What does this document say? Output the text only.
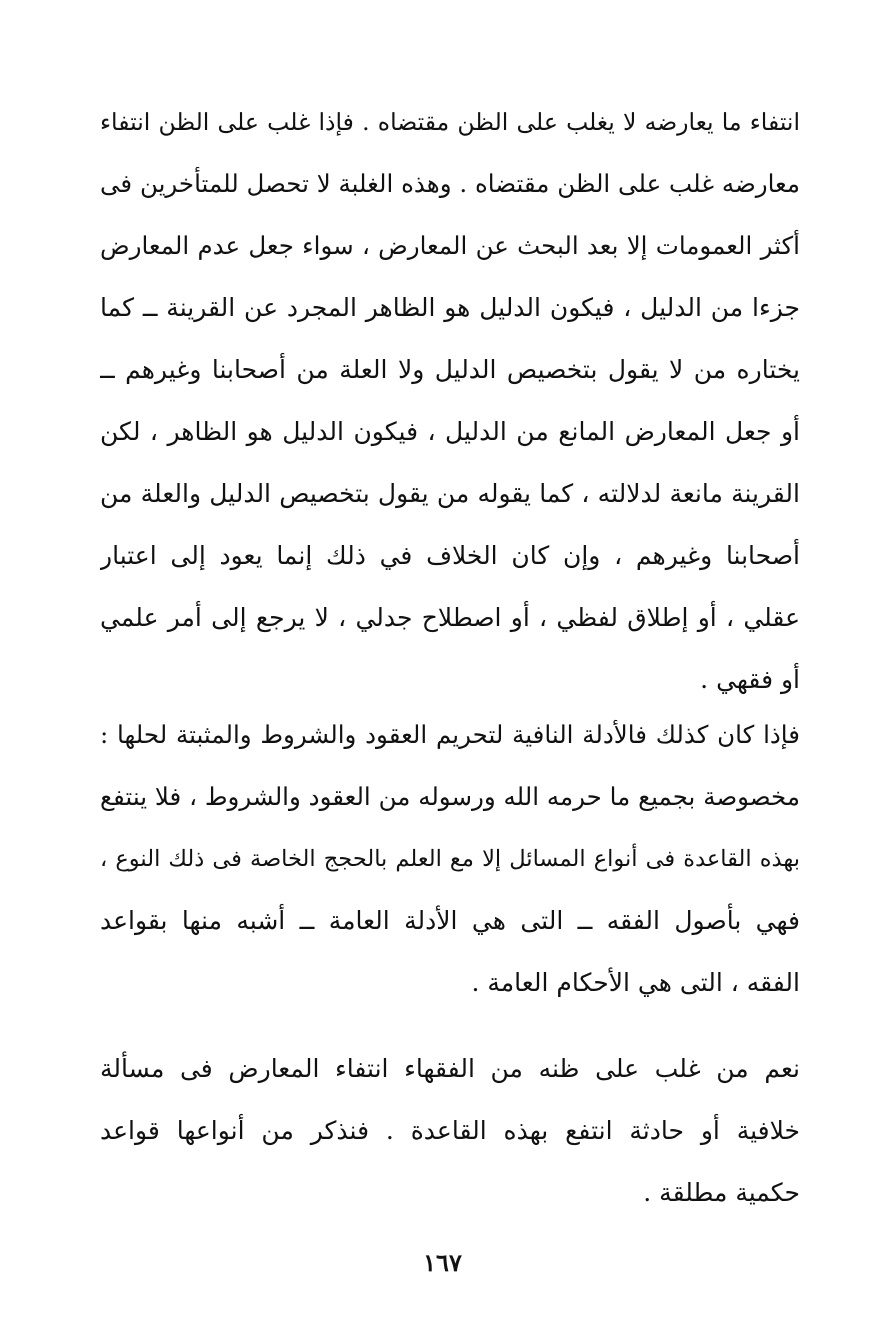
انتفاء ما يعارضه لا يغلب على الظن مقتضاه . فإذا غلب على الظن انتفاء
معارضه غلب على الظن مقتضاه . وهذه الغلبة لا تحصل للمتأخرين فى
أكثر العمومات إلا بعد البحث عن المعارض ، سواء جعل عدم المعارض
جزءا من الدليل ، فيكون الدليل هو الظاهر المجرد عن القرينة ــ كما
يختاره من لا يقول بتخصيص الدليل ولا العلة من أصحابنا وغيرهم ــ
أو جعل المعارض المانع من الدليل ، فيكون الدليل هو الظاهر ، لكن
القرينة مانعة لدلالته ، كما يقوله من يقول بتخصيص الدليل والعلة من
أصحابنا وغيرهم ، وإن كان الخلاف في ذلك إنما يعود إلى اعتبار
عقلي ، أو إطلاق لفظي ، أو اصطلاح جدلي ، لا يرجع إلى أمر علمي
أو فقهي .
فإذا كان كذلك فالأدلة النافية لتحريم العقود والشروط والمثبتة لحلها :
مخصوصة بجميع ما حرمه الله ورسوله من العقود والشروط ، فلا ينتفع
بهذه القاعدة فى أنواع المسائل إلا مع العلم بالحجج الخاصة فى ذلك النوع ،
فهي بأصول الفقه ــ التى هي الأدلة العامة ــ أشبه منها بقواعد
الفقه ، التى هي الأحكام العامة .
نعم من غلب على ظنه من الفقهاء انتفاء المعارض فى مسألة
خلافية أو حادثة انتفع بهذه القاعدة . فنذكر من أنواعها قواعد
حكمية مطلقة .
١٦٧
